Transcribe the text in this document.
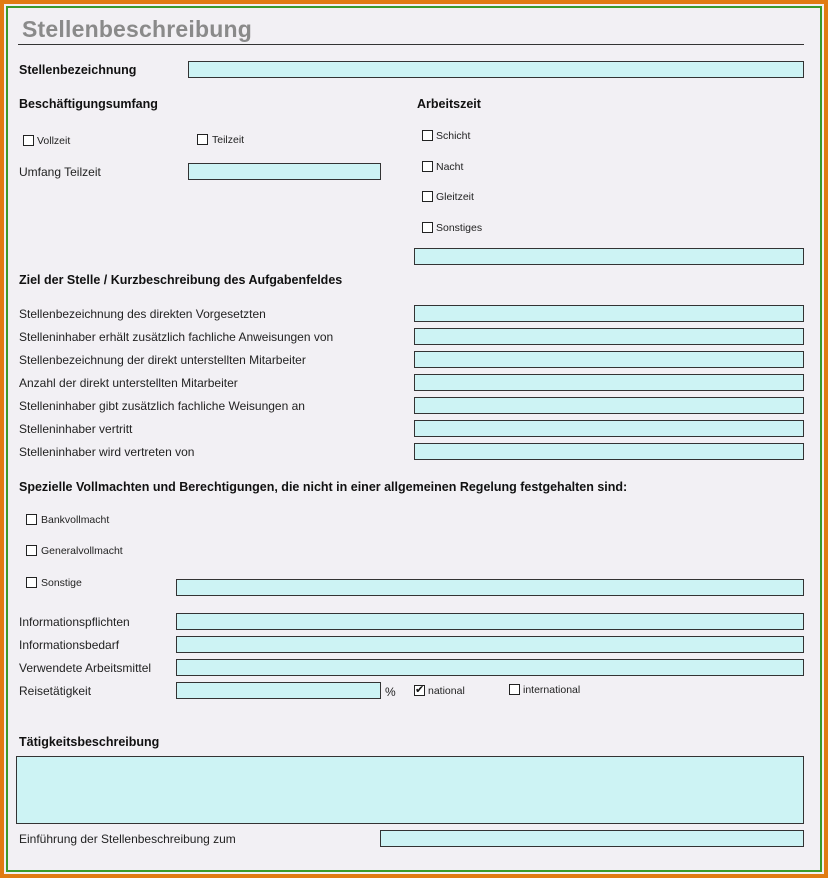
Stellenbeschreibung
Stellenbezeichnung
Beschäftigungsumfang
Vollzeit	Teilzeit
Umfang Teilzeit
Arbeitszeit
Schicht
Nacht
Gleitzeit
Sonstiges
Ziel der Stelle / Kurzbeschreibung des Aufgabenfeldes
Stellenbezeichnung des direkten Vorgesetzten
Stelleninhaber erhält zusätzlich fachliche Anweisungen von
Stellenbezeichnung der direkt unterstellten Mitarbeiter
Anzahl der direkt unterstellten Mitarbeiter
Stelleninhaber gibt zusätzlich fachliche Weisungen an
Stelleninhaber vertritt
Stelleninhaber wird vertreten von
Spezielle Vollmachten und Berechtigungen, die nicht in einer allgemeinen Regelung festgehalten sind:
Bankvollmacht
Generalvollmacht
Sonstige
Informationspflichten
Informationsbedarf
Verwendete Arbeitsmittel
Reisetätigkeit	%
✔	national	international
Tätigkeitsbeschreibung
Einführung der Stellenbeschreibung zum
